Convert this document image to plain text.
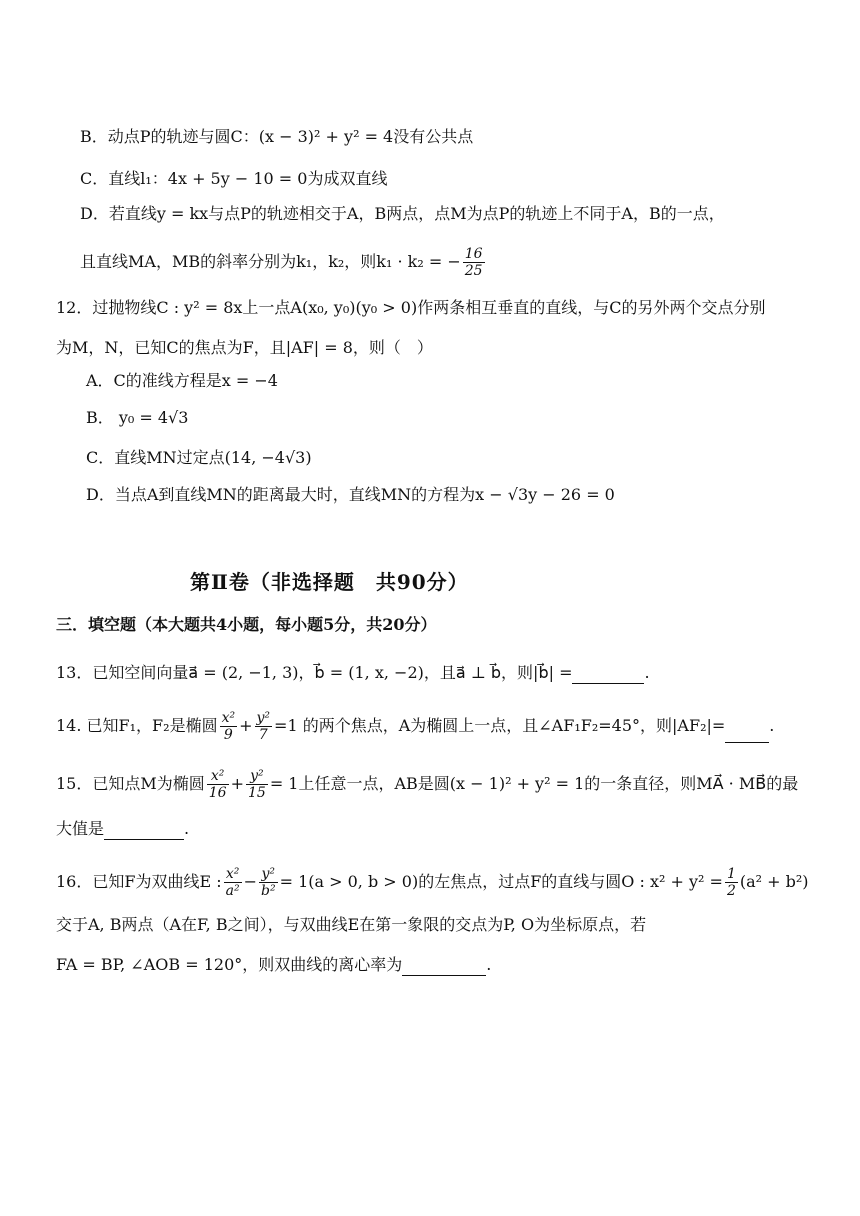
B．动点P的轨迹与圆C：(x − 3)² + y² = 4没有公共点
C．直线l₁：4x + 5y − 10 = 0为成双直线
D．若直线y = kx与点P的轨迹相交于A，B两点，点M为点P的轨迹上不同于A，B的一点，
且直线MA，MB的斜率分别为k₁，k₂，则k₁ · k₂ = − $\frac{16}{25}$
12．过抛物线C : y² = 8x上一点A(x₀, y₀)(y₀ > 0)作两条相互垂直的直线，与C的另外两个交点分别
为M，N，已知C的焦点为F，且|AF| = 8，则（　）
A．C的准线方程是x = −4
B． y₀ = 4√3
C．直线MN过定点(14, −4√3)
D．当点A到直线MN的距离最大时，直线MN的方程为x − √3y − 26 = 0
第Ⅱ卷（非选择题　共90分）
三．填空题（本大题共4小题，每小题5分，共20分）
13．已知空间向量a⃗ = (2, −1, 3)，b⃗ = (1, x, −2)，且a⃗ ⊥ b⃗，则|b⃗| =	.
14. 已知F₁，F₂是椭圆 $\frac{\text{x²}}{9} + \frac{\text{y²}}{7} =1$ 的两个焦点，A为椭圆上一点，且∠AF₁F₂=45°，则|AF₂|=	.
15．已知点M为椭圆 $\frac{\text{x²}}{16} + \frac{\text{y²}}{15} = 1$上任意一点，AB是圆(x − 1)² + y² = 1的一条直径，则MA⃗ · MB⃗的最
大值是	.
16．已知F为双曲线E : $\frac{\text{x²}}{\text{a²}} - \frac{\text{y²}}{\text{b²}} = 1(a > 0$, b > 0)的左焦点，过点F的直线与圆O : $x^2 + y^2 = \frac{1}{2} (a^2 + b^2)$
交于A, B两点（A在F, B之间），与双曲线E在第一象限的交点为P, O为坐标原点，若
FA = BP, ∠AOB = 120°，则双曲线的离心率为	.
